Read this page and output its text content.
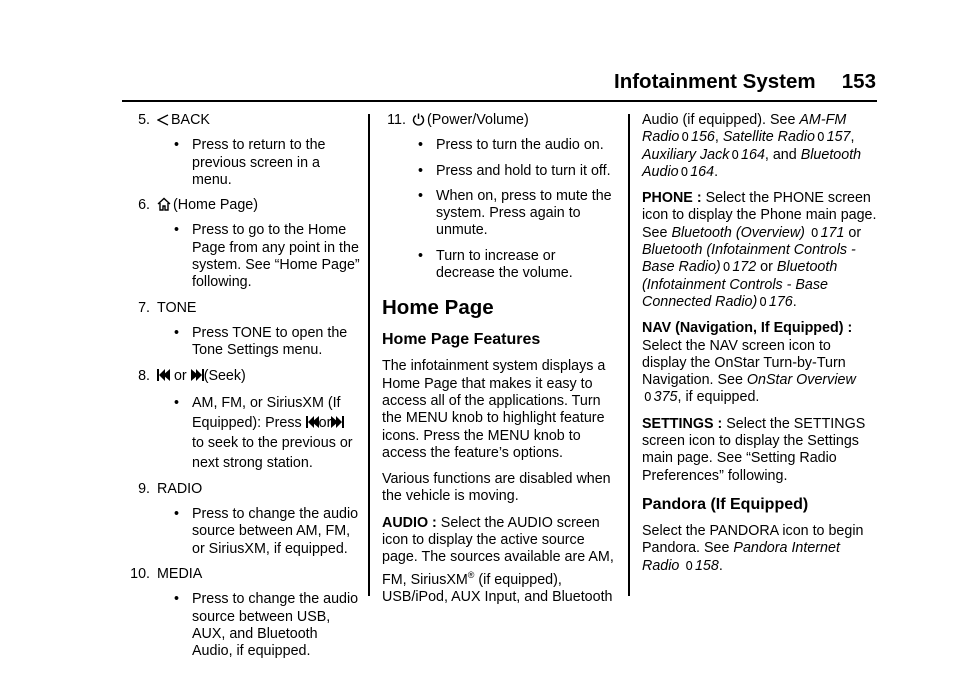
Infotainment System 153
5. BACK
• Press to return to the previous screen in a menu.
6. (Home Page)
• Press to go to the Home Page from any point in the system. See “Home Page” following.
7. TONE
• Press TONE to open the Tone Settings menu.
8. or (Seek)
• AM, FM, or SiriusXM (If Equipped): Press or to seek to the previous or next strong station.
9. RADIO
• Press to change the audio source between AM, FM, or SiriusXM, if equipped.
10. MEDIA
• Press to change the audio source between USB, AUX, and Bluetooth Audio, if equipped.
11. (Power/Volume)
• Press to turn the audio on.
• Press and hold to turn it off.
• When on, press to mute the system. Press again to unmute.
• Turn to increase or decrease the volume.
Home Page
Home Page Features

The infotainment system displays a Home Page that makes it easy to access all of the applications. Turn the MENU knob to highlight feature icons. Press the MENU knob to access the feature’s options.

Various functions are disabled when the vehicle is moving.

AUDIO : Select the AUDIO screen icon to display the active source page. The sources available are AM, FM, SiriusXM® (if equipped), USB/iPod, AUX Input, and Bluetooth

Audio (if equipped). See AM-FM Radio 0 156, Satellite Radio 0 157, Auxiliary Jack 0 164, and Bluetooth Audio 0 164.

PHONE : Select the PHONE screen icon to display the Phone main page. See Bluetooth (Overview) 0 171 or Bluetooth (Infotainment Controls - Base Radio) 0 172 or Bluetooth (Infotainment Controls - Base Connected Radio) 0 176.

NAV (Navigation, If Equipped) : Select the NAV screen icon to display the OnStar Turn-by-Turn Navigation. See OnStar Overview 0 375, if equipped.

SETTINGS : Select the SETTINGS screen icon to display the Settings main page. See “Setting Radio Preferences” following.

Pandora (If Equipped)

Select the PANDORA icon to begin Pandora. See Pandora Internet Radio 0 158.
